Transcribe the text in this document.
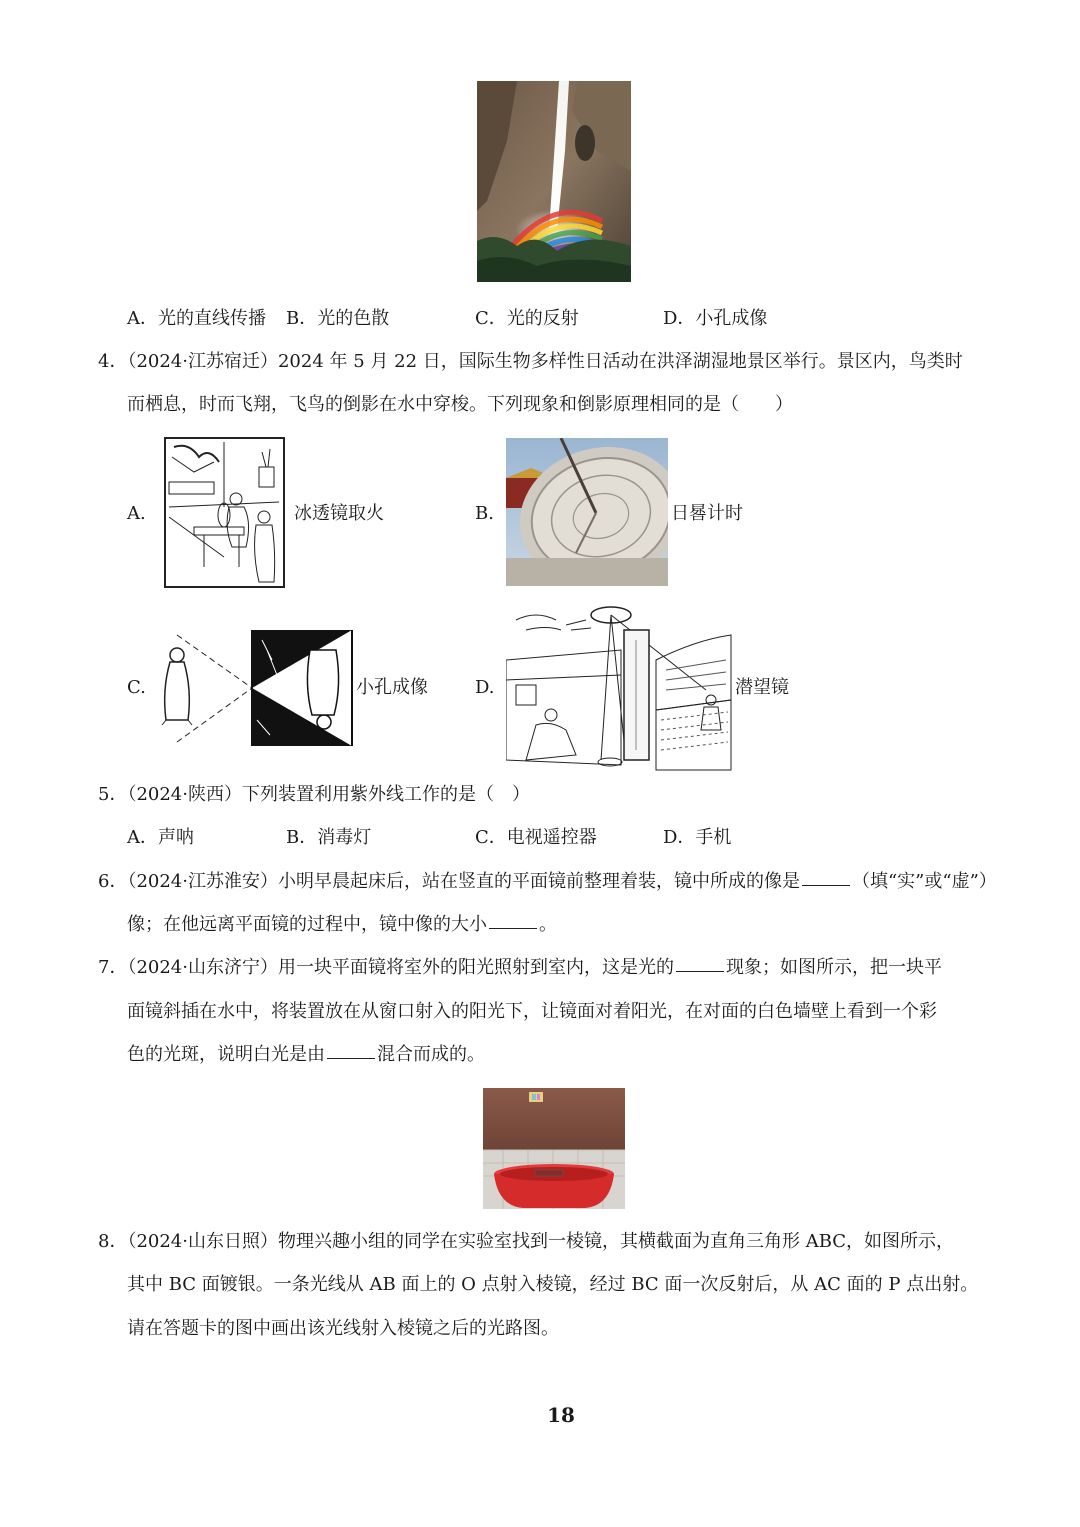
A．光的直线传播 B．光的色散	C．光的反射	D．小孔成像
4．（2024·江苏宿迁）2024 年 5 月 22 日，国际生物多样性日活动在洪泽湖湿地景区举行。景区内，鸟类时
而栖息，时而飞翔，飞鸟的倒影在水中穿梭。下列现象和倒影原理相同的是（　　）
A.	冰透镜取火	B.	日晷计时
C.	小孔成像	D.	潜望镜
5．（2024·陕西）下列装置利用紫外线工作的是（　）
A．声呐	B．消毒灯	C．电视遥控器	D．手机
6．（2024·江苏淮安）小明早晨起床后，站在竖直的平面镜前整理着装，镜中所成的像是	（填“实”或“虚”）
像；在他远离平面镜的过程中，镜中像的大小	。
7．（2024·山东济宁）用一块平面镜将室外的阳光照射到室内，这是光的	现象；如图所示，把一块平
面镜斜插在水中，将装置放在从窗口射入的阳光下，让镜面对着阳光，在对面的白色墙壁上看到一个彩
色的光斑，说明白光是由	混合而成的。
8．（2024·山东日照）物理兴趣小组的同学在实验室找到一棱镜，其横截面为直角三角形 ABC，如图所示，
其中 BC 面镀银。一条光线从 AB 面上的 O 点射入棱镜，经过 BC 面一次反射后，从 AC 面的 P 点出射。
请在答题卡的图中画出该光线射入棱镜之后的光路图。
18
